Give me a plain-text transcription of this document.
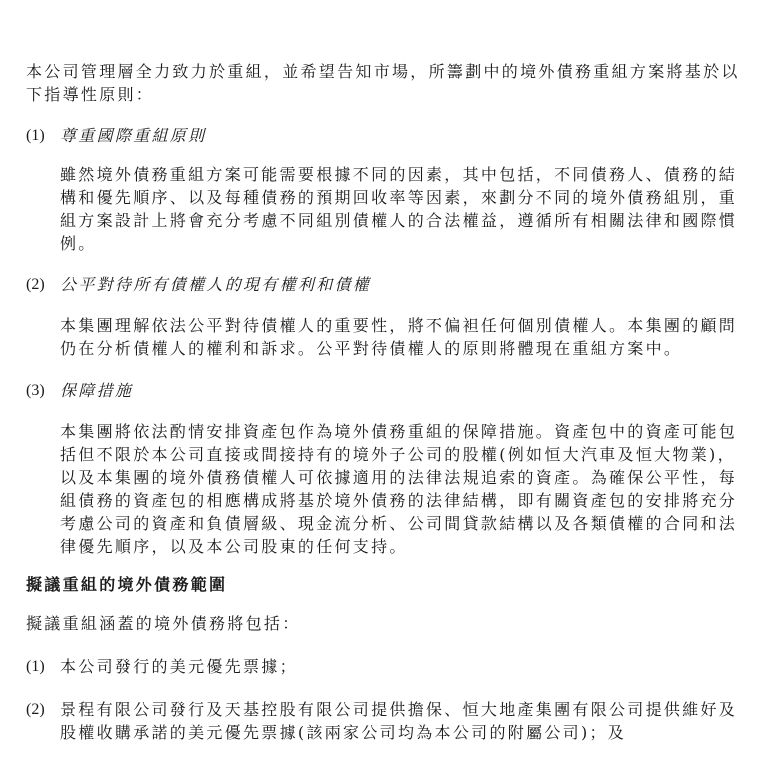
本公司管理層全力致力於重組，並希望告知市場，所籌劃中的境外債務重組方案將基於以
下指導性原則：

(1) 尊重國際重組原則

雖然境外債務重組方案可能需要根據不同的因素，其中包括，不同債務人、債務的結
構和優先順序、以及每種債務的預期回收率等因素，來劃分不同的境外債務組別，重
組方案設計上將會充分考慮不同組別債權人的合法權益，遵循所有相關法律和國際慣
例。

(2) 公平對待所有債權人的現有權利和債權

本集團理解依法公平對待債權人的重要性，將不偏袒任何個別債權人。本集團的顧問
仍在分析債權人的權利和訴求。公平對待債權人的原則將體現在重組方案中。

(3) 保障措施

本集團將依法酌情安排資產包作為境外債務重組的保障措施。資產包中的資產可能包
括但不限於本公司直接或間接持有的境外子公司的股權(例如恒大汽車及恒大物業)，
以及本集團的境外債務債權人可依據適用的法律法規追索的資產。為確保公平性，每
組債務的資產包的相應構成將基於境外債務的法律結構，即有關資產包的安排將充分
考慮公司的資產和負債層級、現金流分析、公司間貸款結構以及各類債權的合同和法
律優先順序，以及本公司股東的任何支持。

擬議重組的境外債務範圍

擬議重組涵蓋的境外債務將包括：

(1) 本公司發行的美元優先票據；

(2) 景程有限公司發行及天基控股有限公司提供擔保、恒大地產集團有限公司提供維好及
股權收購承諾的美元優先票據(該兩家公司均為本公司的附屬公司)；及
